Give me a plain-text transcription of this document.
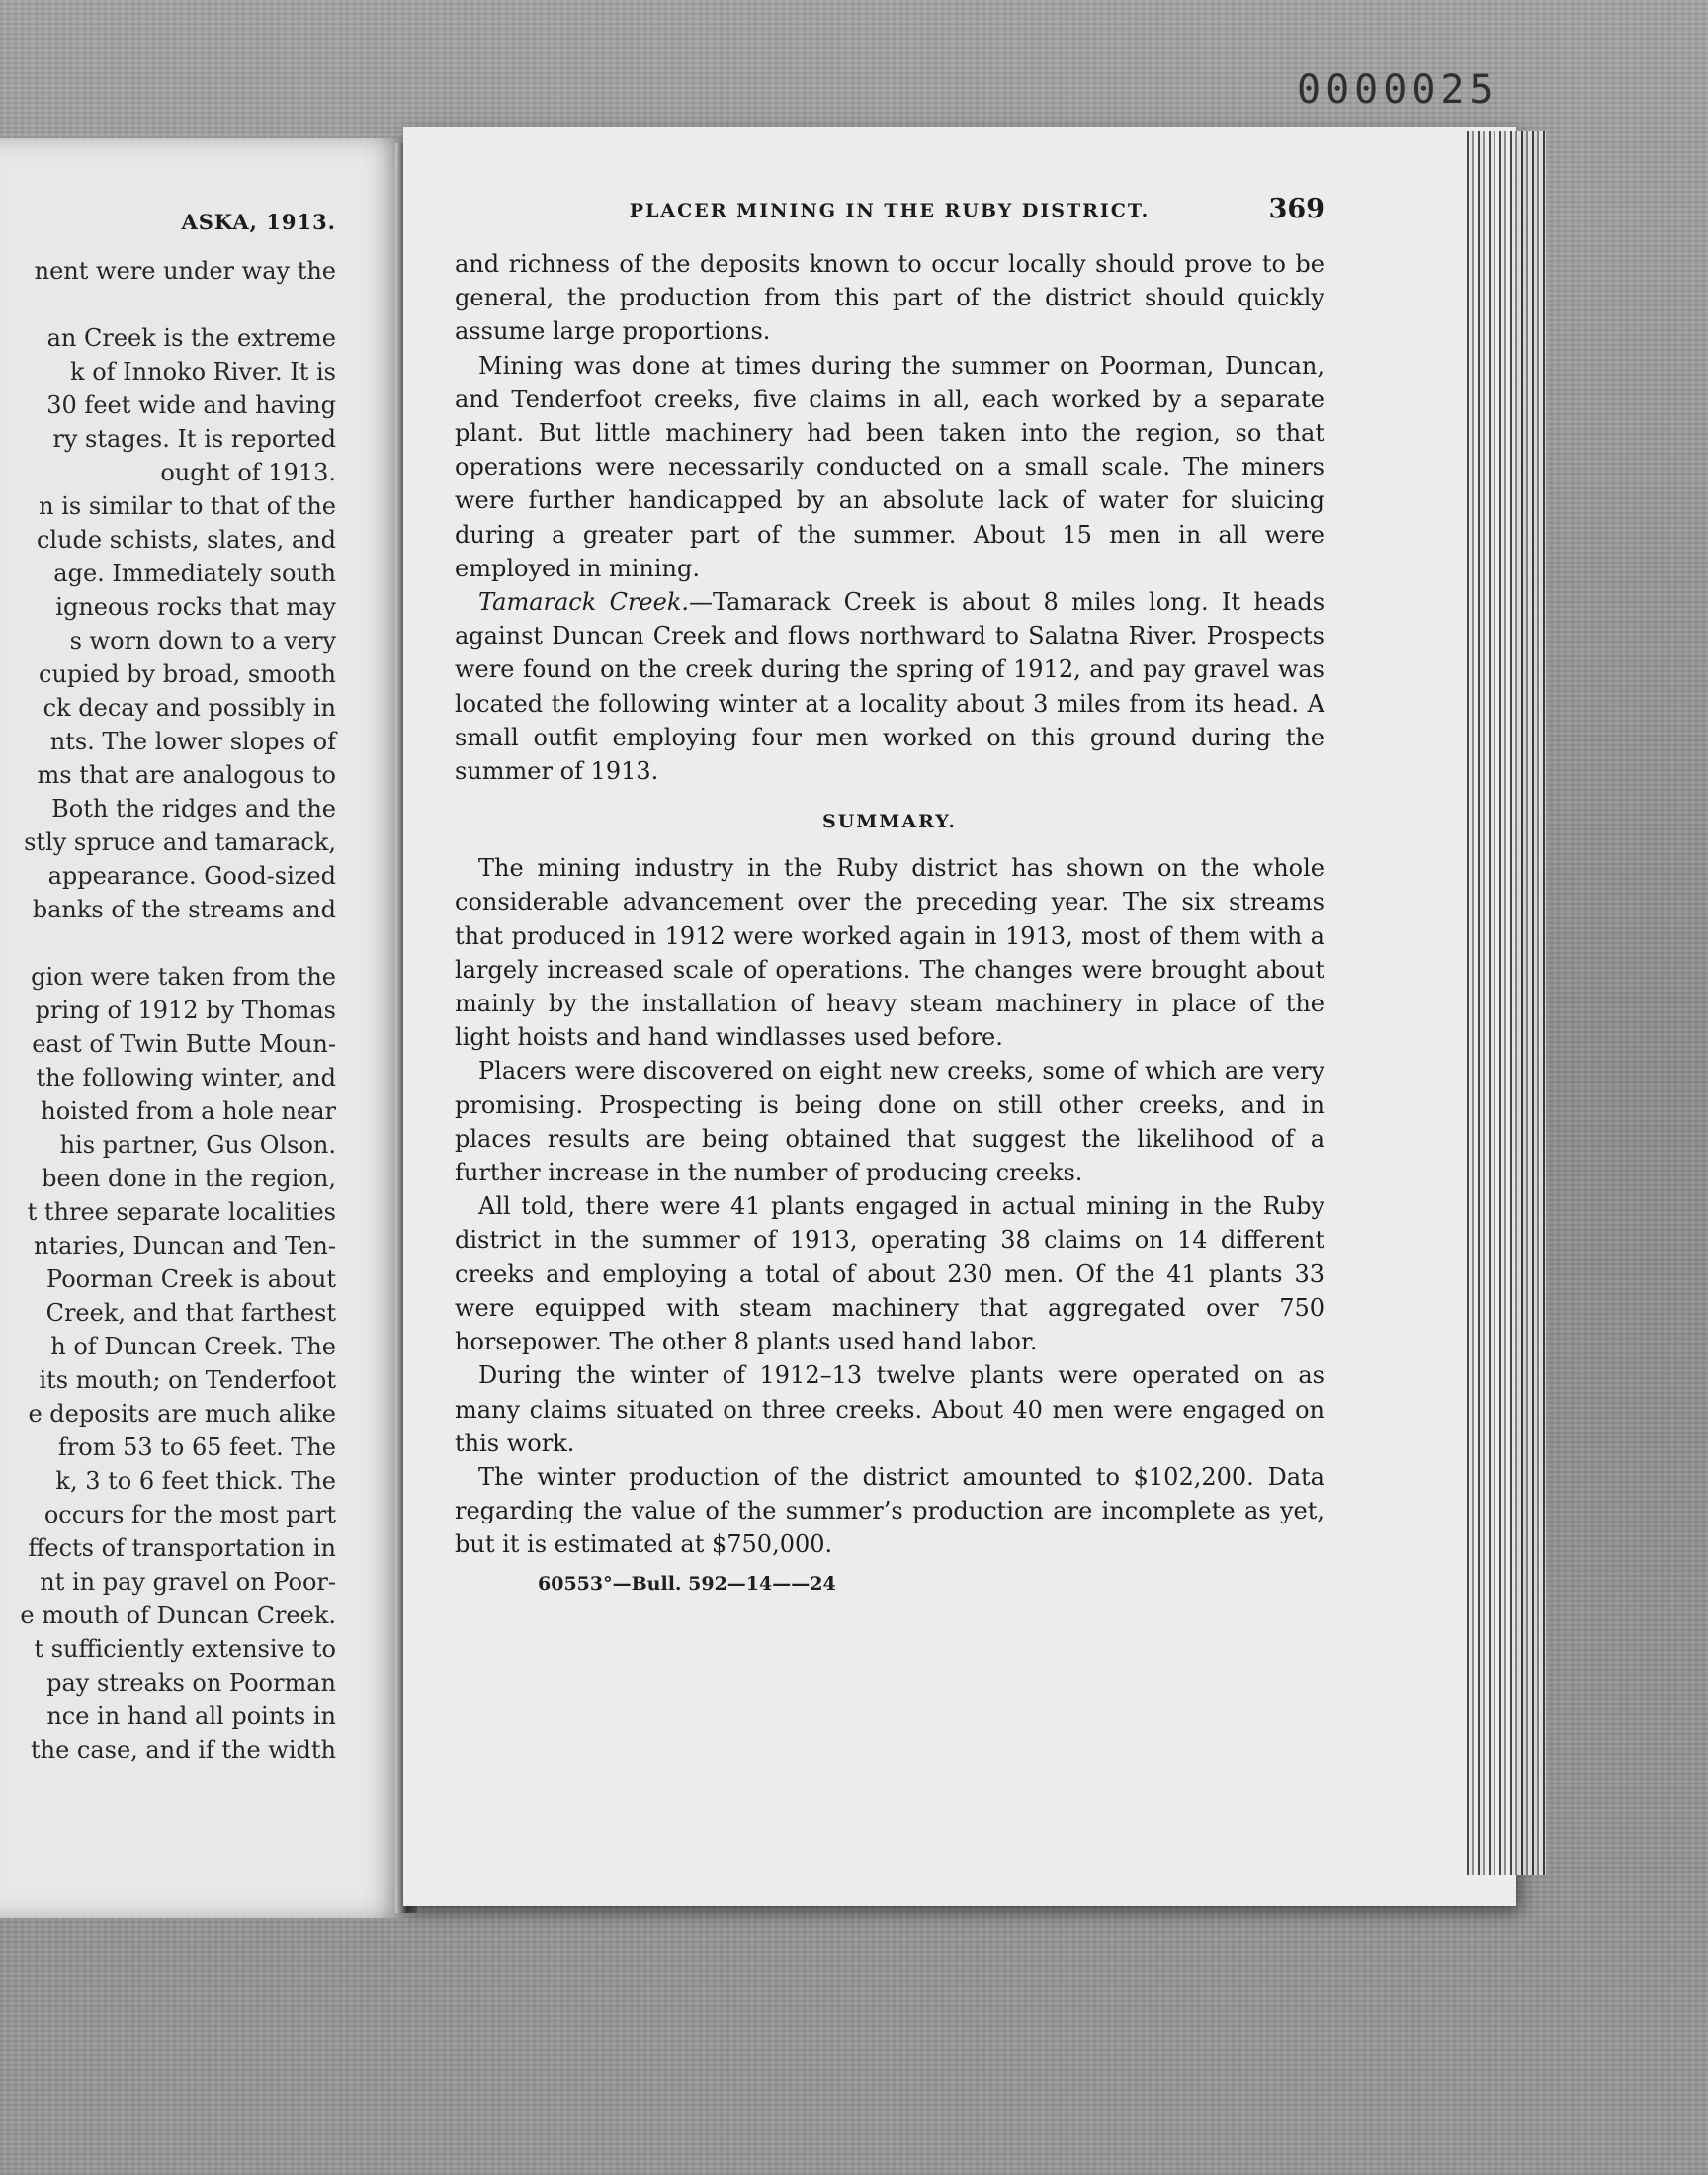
0000025

ASKA, 1913.

nent were under way the

an Creek is the extreme

k of Innoko River. It is

30 feet wide and having

ry stages. It is reported

ought of 1913.

n is similar to that of the

clude schists, slates, and

age. Immediately south

igneous rocks that may

s worn down to a very

cupied by broad, smooth

ck decay and possibly in

nts. The lower slopes of

ms that are analogous to

Both the ridges and the

stly spruce and tamarack,

appearance. Good-sized

banks of the streams and

gion were taken from the

pring of 1912 by Thomas

east of Twin Butte Moun-

the following winter, and

hoisted from a hole near

his partner, Gus Olson.

been done in the region,

t three separate localities

ntaries, Duncan and Ten-

Poorman Creek is about

Creek, and that farthest

h of Duncan Creek. The

its mouth; on Tenderfoot

e deposits are much alike

from 53 to 65 feet. The

k, 3 to 6 feet thick. The

occurs for the most part

ffects of transportation in

nt in pay gravel on Poor-

e mouth of Duncan Creek.

t sufficiently extensive to

pay streaks on Poorman

nce in hand all points in

the case, and if the width

PLACER MINING IN THE RUBY DISTRICT.	369

and richness of the deposits known to occur locally should prove to be general, the production from this part of the district should quickly assume large proportions.

Mining was done at times during the summer on Poorman, Duncan, and Tenderfoot creeks, five claims in all, each worked by a separate plant. But little machinery had been taken into the region, so that operations were necessarily conducted on a small scale. The miners were further handicapped by an absolute lack of water for sluicing during a greater part of the summer. About 15 men in all were employed in mining.

Tamarack Creek.—Tamarack Creek is about 8 miles long. It heads against Duncan Creek and flows northward to Salatna River. Prospects were found on the creek during the spring of 1912, and pay gravel was located the following winter at a locality about 3 miles from its head. A small outfit employing four men worked on this ground during the summer of 1913.

SUMMARY.

The mining industry in the Ruby district has shown on the whole considerable advancement over the preceding year. The six streams that produced in 1912 were worked again in 1913, most of them with a largely increased scale of operations. The changes were brought about mainly by the installation of heavy steam machinery in place of the light hoists and hand windlasses used before.

Placers were discovered on eight new creeks, some of which are very promising. Prospecting is being done on still other creeks, and in places results are being obtained that suggest the likelihood of a further increase in the number of producing creeks.

All told, there were 41 plants engaged in actual mining in the Ruby district in the summer of 1913, operating 38 claims on 14 different creeks and employing a total of about 230 men. Of the 41 plants 33 were equipped with steam machinery that aggregated over 750 horsepower. The other 8 plants used hand labor.

During the winter of 1912–13 twelve plants were operated on as many claims situated on three creeks. About 40 men were engaged on this work.

The winter production of the district amounted to $102,200. Data regarding the value of the summer’s production are incomplete as yet, but it is estimated at $750,000.

60553°—Bull. 592—14——24
